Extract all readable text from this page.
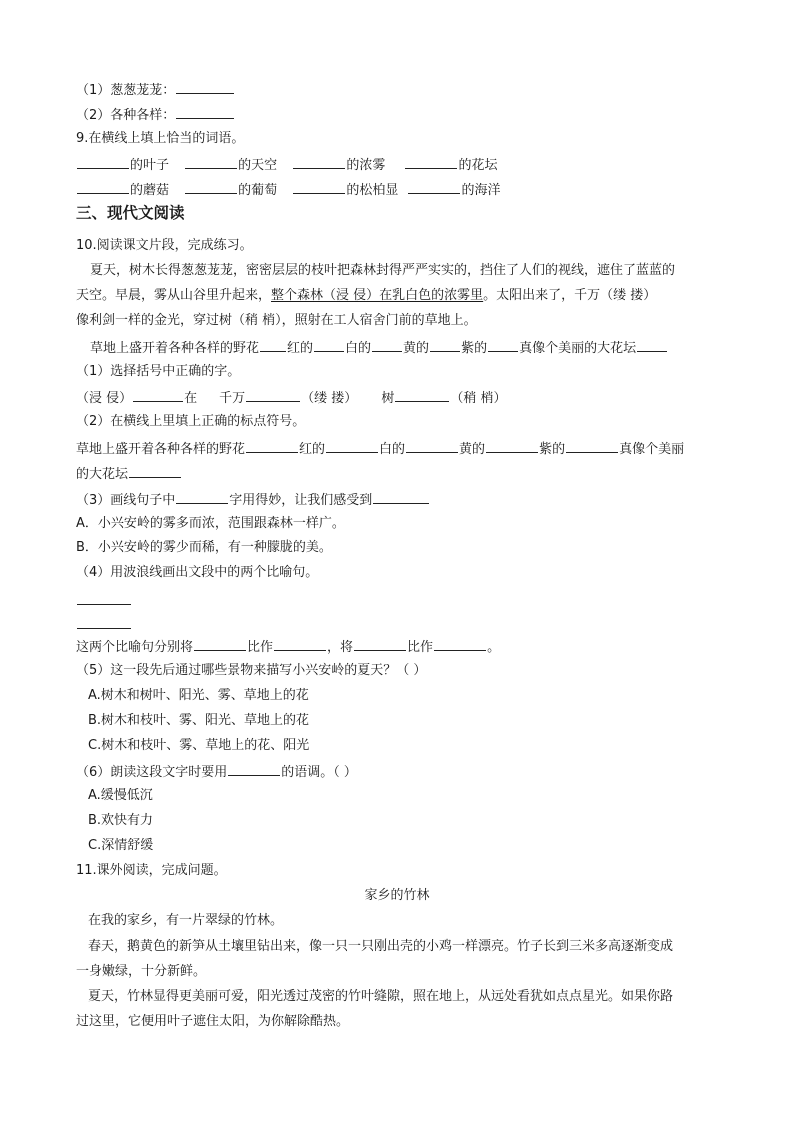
（1）葱葱茏茏：
（2）各种各样：
9.在横线上填上恰当的词语。
的叶子	的天空	的浓雾	的花坛
的蘑菇	的葡萄	的松柏显	的海洋
三、现代文阅读
10.阅读课文片段，完成练习。
夏天，树木长得葱葱茏茏，密密层层的枝叶把森林封得严严实实的，挡住了人们的视线，遮住了蓝蓝的
天空。早晨，雾从山谷里升起来，整个森林（浸 侵）在乳白色的浓雾里。太阳出来了，千万（缕 搂）
像利剑一样的金光，穿过树（稍 梢），照射在工人宿舍门前的草地上。
草地上盛开着各种各样的野花 红的 白的 黄的 紫的 真像个美丽的大花坛
（1）选择括号中正确的字。
（浸 侵）	在 千万	（缕 搂） 树	（稍 梢）
（2）在横线上里填上正确的标点符号。
草地上盛开着各种各样的野花	红的	白的	黄的	紫的	真像个美丽
的大花坛
（3）画线句子中	字用得妙，让我们感受到
A．小兴安岭的雾多而浓，范围跟森林一样广。
B．小兴安岭的雾少而稀，有一种朦胧的美。
（4）用波浪线画出文段中的两个比喻句。
这两个比喻句分别将	比作	，将	比作	。
（5）这一段先后通过哪些景物来描写小兴安岭的夏天？（ ）
A.树木和树叶、阳光、雾、草地上的花
B.树木和枝叶、雾、阳光、草地上的花
C.树木和枝叶、雾、草地上的花、阳光
（6）朗读这段文字时要用	的语调。（ ）
A.缓慢低沉
B.欢快有力
C.深情舒缓
11.课外阅读，完成问题。
家乡的竹林
在我的家乡，有一片翠绿的竹林。
春天，鹅黄色的新笋从土壤里钻出来，像一只一只刚出壳的小鸡一样漂亮。竹子长到三米多高逐渐变成
一身嫩绿，十分新鲜。
夏天，竹林显得更美丽可爱，阳光透过茂密的竹叶缝隙，照在地上，从远处看犹如点点星光。如果你路
过这里，它便用叶子遮住太阳，为你解除酷热。
